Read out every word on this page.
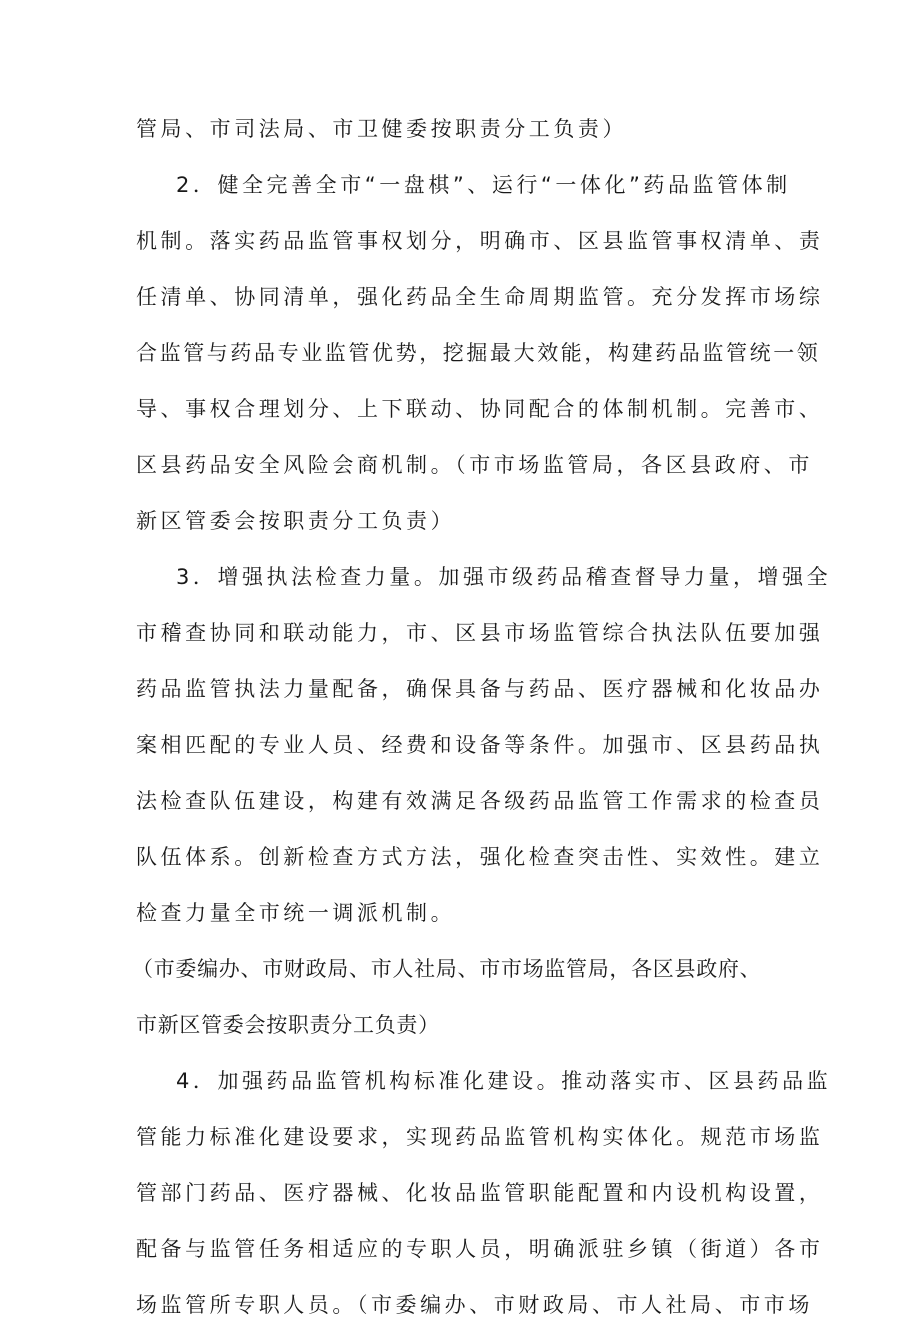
管局、市司法局、市卫健委按职责分工负责）
2．健全完善全市“一盘棋”、运行“一体化”药品监管体制
机制。落实药品监管事权划分，明确市、区县监管事权清单、责
任清单、协同清单，强化药品全生命周期监管。充分发挥市场综
合监管与药品专业监管优势，挖掘最大效能，构建药品监管统一领
导、事权合理划分、上下联动、协同配合的体制机制。完善市、
区县药品安全风险会商机制。（市市场监管局，各区县政府、市
新区管委会按职责分工负责）
3．增强执法检查力量。加强市级药品稽查督导力量，增强全
市稽查协同和联动能力，市、区县市场监管综合执法队伍要加强
药品监管执法力量配备，确保具备与药品、医疗器械和化妆品办
案相匹配的专业人员、经费和设备等条件。加强市、区县药品执
法检查队伍建设，构建有效满足各级药品监管工作需求的检查员
队伍体系。创新检查方式方法，强化检查突击性、实效性。建立
检查力量全市统一调派机制。
（市委编办、市财政局、市人社局、市市场监管局，各区县政府、
市新区管委会按职责分工负责）
4．加强药品监管机构标准化建设。推动落实市、区县药品监
管能力标准化建设要求，实现药品监管机构实体化。规范市场监
管部门药品、医疗器械、化妆品监管职能配置和内设机构设置，
配备与监管任务相适应的专职人员，明确派驻乡镇（街道）各市
场监管所专职人员。（市委编办、市财政局、市人社局、市市场
